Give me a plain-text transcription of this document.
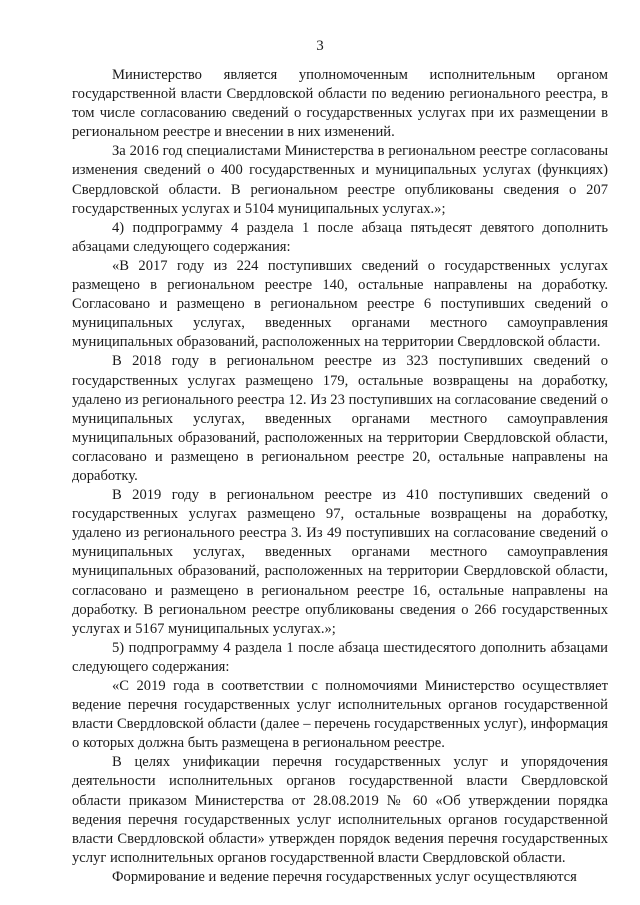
3

Министерство является уполномоченным исполнительным органом государственной власти Свердловской области по ведению регионального реестра, в том числе согласованию сведений о государственных услугах при их размещении в региональном реестре и внесении в них изменений.

За 2016 год специалистами Министерства в региональном реестре согласованы изменения сведений о 400 государственных и муниципальных услугах (функциях) Свердловской области. В региональном реестре опубликованы сведения о 207 государственных услугах и 5104 муниципальных услугах.»;

4) подпрограмму 4 раздела 1 после абзаца пятьдесят девятого дополнить абзацами следующего содержания:

«В 2017 году из 224 поступивших сведений о государственных услугах размещено в региональном реестре 140, остальные направлены на доработку. Согласовано и размещено в региональном реестре 6 поступивших сведений о муниципальных услугах, введенных органами местного самоуправления муниципальных образований, расположенных на территории Свердловской области.

В 2018 году в региональном реестре из 323 поступивших сведений о государственных услугах размещено 179, остальные возвращены на доработку, удалено из регионального реестра 12. Из 23 поступивших на согласование сведений о муниципальных услугах, введенных органами местного самоуправления муниципальных образований, расположенных на территории Свердловской области, согласовано и размещено в региональном реестре 20, остальные направлены на доработку.

В 2019 году в региональном реестре из 410 поступивших сведений о государственных услугах размещено 97, остальные возвращены на доработку, удалено из регионального реестра 3. Из 49 поступивших на согласование сведений о муниципальных услугах, введенных органами местного самоуправления муниципальных образований, расположенных на территории Свердловской области, согласовано и размещено в региональном реестре 16, остальные направлены на доработку. В региональном реестре опубликованы сведения о 266 государственных услугах и 5167 муниципальных услугах.»;

5) подпрограмму 4 раздела 1 после абзаца шестидесятого дополнить абзацами следующего содержания:

«С 2019 года в соответствии с полномочиями Министерство осуществляет ведение перечня государственных услуг исполнительных органов государственной власти Свердловской области (далее – перечень государственных услуг), информация о которых должна быть размещена в региональном реестре.

В целях унификации перечня государственных услуг и упорядочения деятельности исполнительных органов государственной власти Свердловской области приказом Министерства от 28.08.2019 № 60 «Об утверждении порядка ведения перечня государственных услуг исполнительных органов государственной власти Свердловской области» утвержден порядок ведения перечня государственных услуг исполнительных органов государственной власти Свердловской области.

Формирование и ведение перечня государственных услуг осуществляются
